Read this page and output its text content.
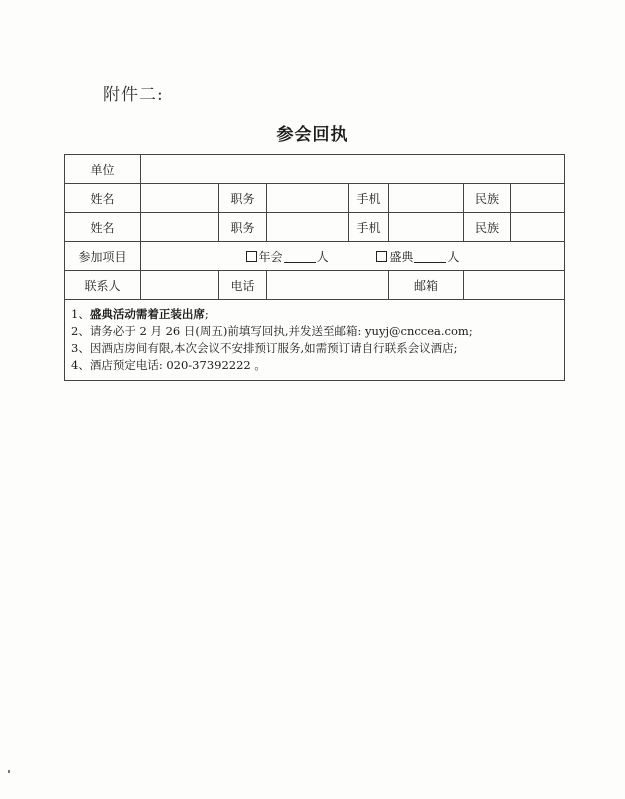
附件二:
参会回执
单位							
姓名		职务		手机		民族	
姓名		职务		手机		民族	
参加项目	年会 人 盛典 人						
联系人		电话			邮箱		

1、盛典活动需着正装出席;
2、请务必于 2 月 26 日(周五)前填写回执,并发送至邮箱: yuyj@cnccea.com;
3、因酒店房间有限,本次会议不安排预订服务,如需预订请自行联系会议酒店;
4、酒店预定电话: 020-37392222 。							
